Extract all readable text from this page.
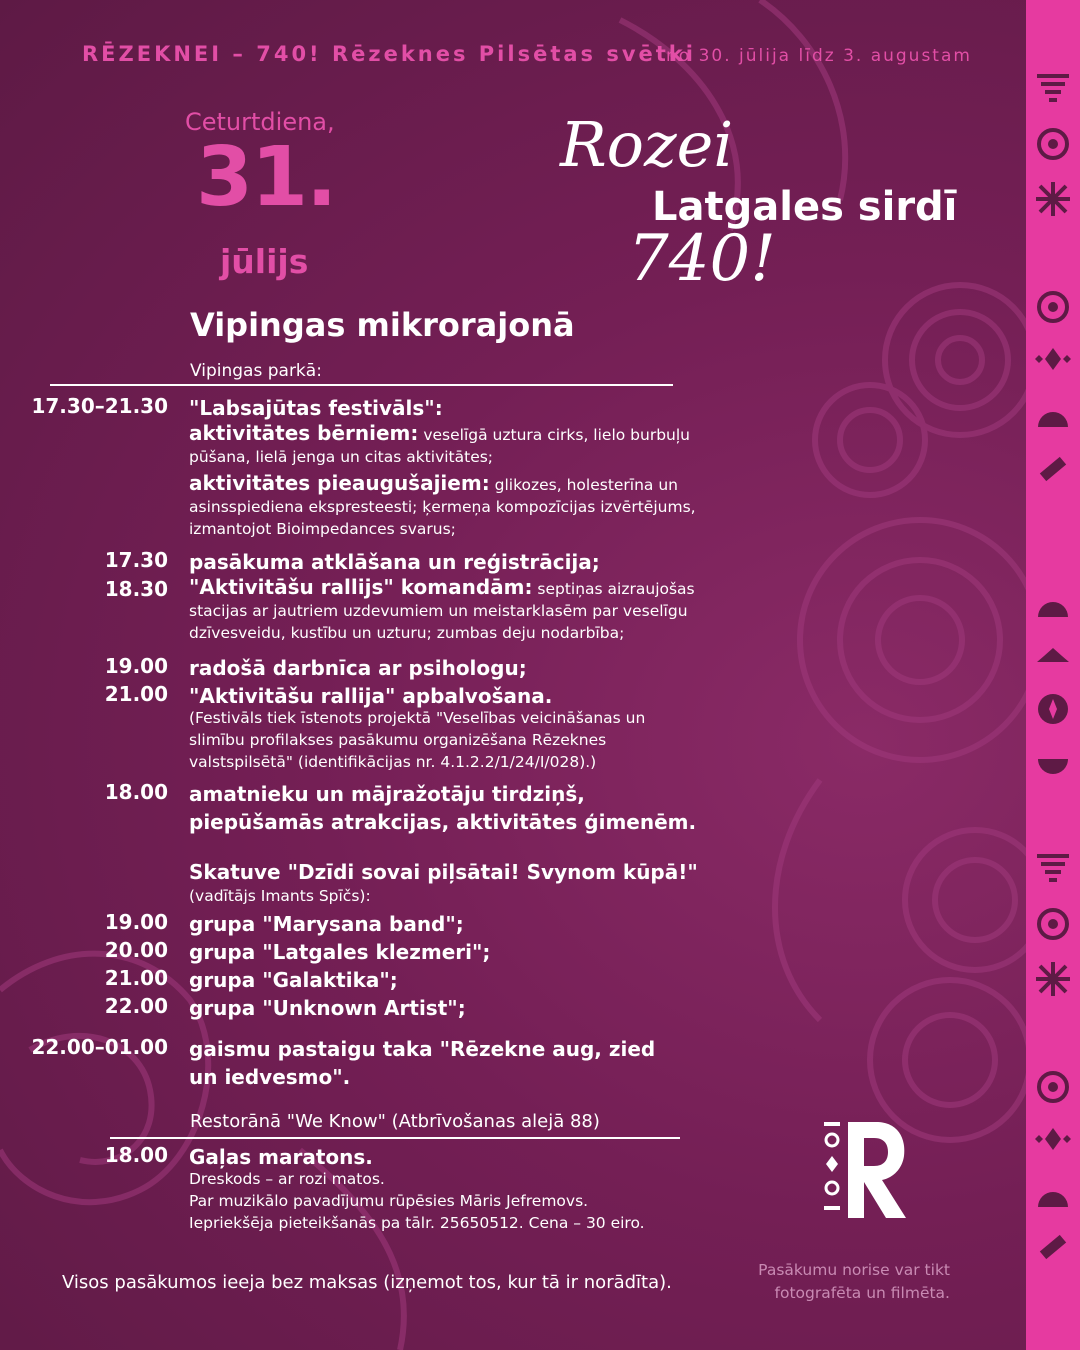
RĒZEKNEI – 740! Rēzeknes Pilsētas svētki
no 30. jūlija līdz 3. augustam
Ceturtdiena,
31.
jūlijs
Rozei
Latgales sirdī
740!
Vipingas mikrorajonā
Vipingas parkā:
17.30–21.30 "Labsajūtas festivāls":
aktivitātes bērniem: veselīgā uztura cirks, lielo burbuļu pūšana, lielā jenga un citas aktivitātes;
aktivitātes pieaugušajiem: glikozes, holesterīna un asinsspiediena ekspresteesti; ķermeņa kompozīcijas izvērtējums, izmantojot Bioimpedances svarus;
17.30 pasākuma atklāšana un reģistrācija;
18.30 "Aktivitāšu rallijs" komandām: septiņas aizraujošas stacijas ar jautriem uzdevumiem un meistarklasēm par veselīgu dzīvesveidu, kustību un uzturu; zumbas deju nodarbība;
19.00 radošā darbnīca ar psihologu;
21.00 "Aktivitāšu rallija" apbalvošana.
(Festivāls tiek īstenots projektā "Veselības veicināšanas un slimību profilakses pasākumu organizēšana Rēzeknes valstspilsētā" (identifikācijas nr. 4.1.2.2/1/24/I/028).)
18.00 amatnieku un mājražotāju tirdziņš, piepūšamās atrakcijas, aktivitātes ģimenēm.
Skatuve "Dzīdi sovai piļsātai! Svynom kūpā!"
(vadītājs Imants Spīčs):
19.00 grupa "Marysana band";
20.00 grupa "Latgales klezmeri";
21.00 grupa "Galaktika";
22.00 grupa "Unknown Artist";
22.00–01.00 gaismu pastaigu taka "Rēzekne aug, zied un iedvesmo".
Restorānā "We Know" (Atbrīvošanas alejā 88)
18.00 Gaļas maratons.
Dreskods – ar rozi matos.
Par muzikālo pavadījumu rūpēsies Māris Jefremovs.
Iepriekšēja pieteikšanās pa tālr. 25650512. Cena – 30 eiro.
Visos pasākumos ieeja bez maksas (izņemot tos, kur tā ir norādīta).
Pasākumu norise var tikt fotografēta un filmēta.
